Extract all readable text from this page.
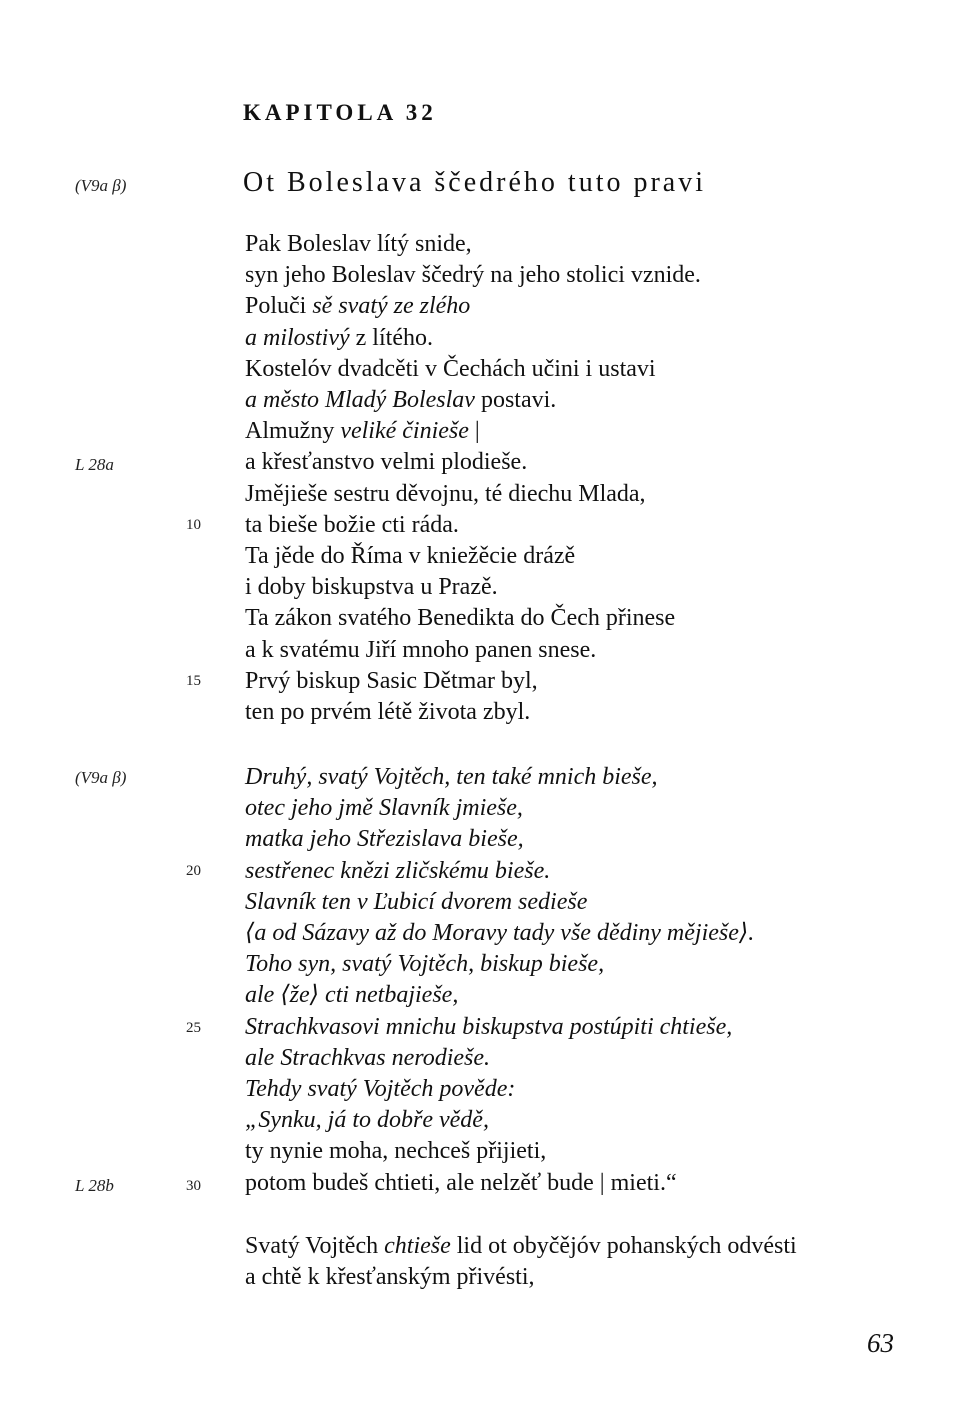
KAPITOLA 32
(V9a β)	Ot Boleslava ščedrého tuto pravi
Pak Boleslav lítý snide,
syn jeho Boleslav ščedrý na jeho stolici vznide.
Poluči sě svatý ze zlého
a milostivý z lítého.
Kostelóv dvadcěti v Čechách učini i ustavi
a město Mladý Boleslav postavi.
Almužny veliké činieše |
a křesťanstvo velmi plodieše.
Jmějieše sestru děvojnu, té diechu Mlada,
ta bieše božie cti ráda.
Ta jěde do Říma v kniežěcie drázě
i doby biskupstva u Prazě.
Ta zákon svatého Benedikta do Čech přinese
a k svatému Jiří mnoho panen snese.
Prvý biskup Sasic Dětmar byl,
ten po prvém létě života zbyl.
L 28a
10
15
(V9a β)	Druhý, svatý Vojtěch, ten také mnich bieše,
otec jeho jmě Slavník jmieše,
matka jeho Střezislava bieše,
sestřenec knězi zličskému bieše.
Slavník ten v Ľubicí dvorem sedieše
⟨a od Sázavy až do Moravy tady vše dědiny mějieše⟩.
Toho syn, svatý Vojtěch, biskup bieše,
ale ⟨že⟩ cti netbajieše,
Strachkvasovi mnichu biskupstva postúpiti chtieše,
ale Strachkvas nerodieše.
Tehdy svatý Vojtěch pověde:
„Synku, já to dobře vědě,
ty nynie moha, nechceš přijieti,
potom budeš chtieti, ale nelzěť bude | mieti.“
20
25
L 28b	30
Svatý Vojtěch chtieše lid ot obyčějóv pohanských odvésti
a chtě k křesťanským přivésti,
63
